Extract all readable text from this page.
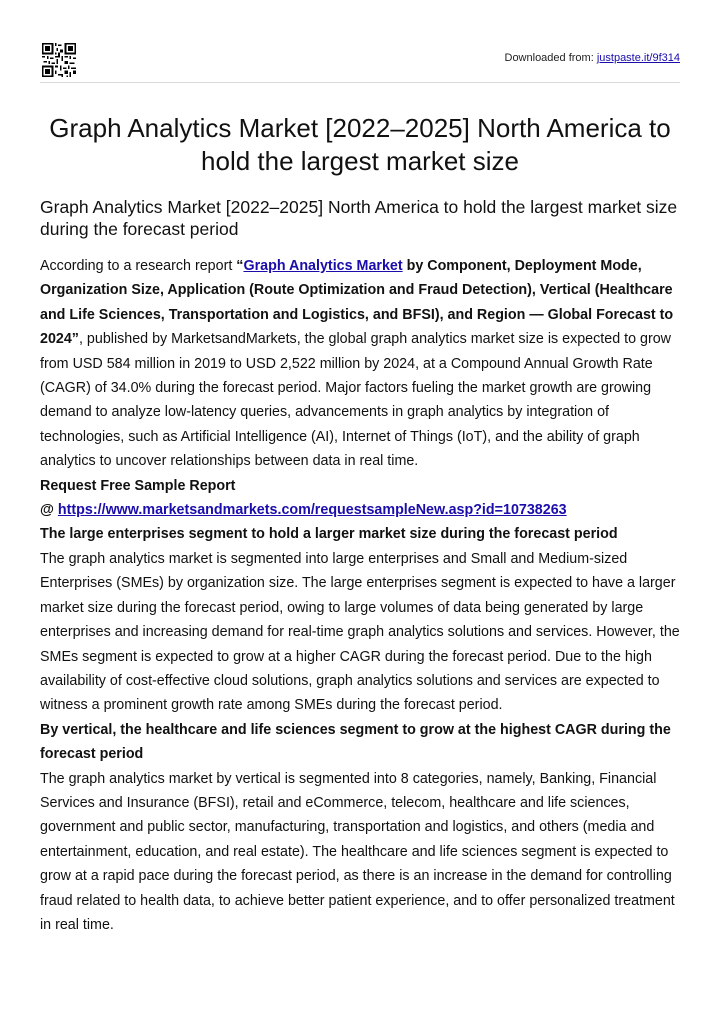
Downloaded from: justpaste.it/9f314
Graph Analytics Market [2022–2025] North America to hold the largest market size
Graph Analytics Market [2022–2025] North America to hold the largest market size during the forecast period

According to a research report “Graph Analytics Market by Component, Deployment Mode, Organization Size, Application (Route Optimization and Fraud Detection), Vertical (Healthcare and Life Sciences, Transportation and Logistics, and BFSI), and Region — Global Forecast to 2024”, published by MarketsandMarkets, the global graph analytics market size is expected to grow from USD 584 million in 2019 to USD 2,522 million by 2024, at a Compound Annual Growth Rate (CAGR) of 34.0% during the forecast period. Major factors fueling the market growth are growing demand to analyze low-latency queries, advancements in graph analytics by integration of technologies, such as Artificial Intelligence (AI), Internet of Things (IoT), and the ability of graph analytics to uncover relationships between data in real time.

Request Free Sample Report

@ https://www.marketsandmarkets.com/requestsampleNew.asp?id=10738263

The large enterprises segment to hold a larger market size during the forecast period

The graph analytics market is segmented into large enterprises and Small and Medium-sized Enterprises (SMEs) by organization size. The large enterprises segment is expected to have a larger market size during the forecast period, owing to large volumes of data being generated by large enterprises and increasing demand for real-time graph analytics solutions and services. However, the SMEs segment is expected to grow at a higher CAGR during the forecast period. Due to the high availability of cost-effective cloud solutions, graph analytics solutions and services are expected to witness a prominent growth rate among SMEs during the forecast period.

By vertical, the healthcare and life sciences segment to grow at the highest CAGR during the forecast period

The graph analytics market by vertical is segmented into 8 categories, namely, Banking, Financial Services and Insurance (BFSI), retail and eCommerce, telecom, healthcare and life sciences, government and public sector, manufacturing, transportation and logistics, and others (media and entertainment, education, and real estate). The healthcare and life sciences segment is expected to grow at a rapid pace during the forecast period, as there is an increase in the demand for controlling fraud related to health data, to achieve better patient experience, and to offer personalized treatment in real time.
